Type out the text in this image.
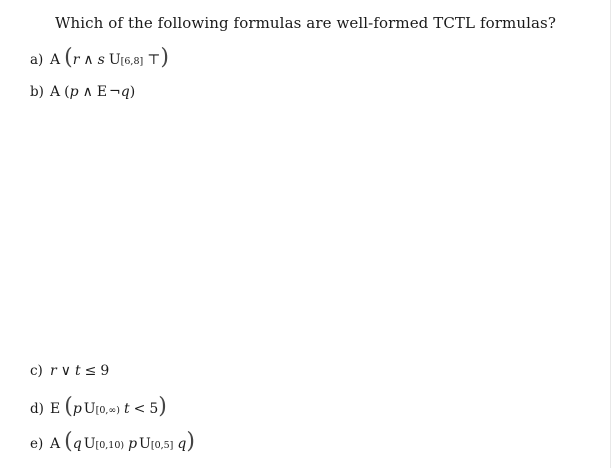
Which of the following formulas are well-formed TCTL formulas?
a) A ( r ∧ s U [6,8] ⊤ )
b) A ( p ∧ E ¬ q )
c) r ∨ t ≤ 9
d) E ( p U [0,∞) t < 5 )
e) A ( q U [0,10) p U [0,5] q )
